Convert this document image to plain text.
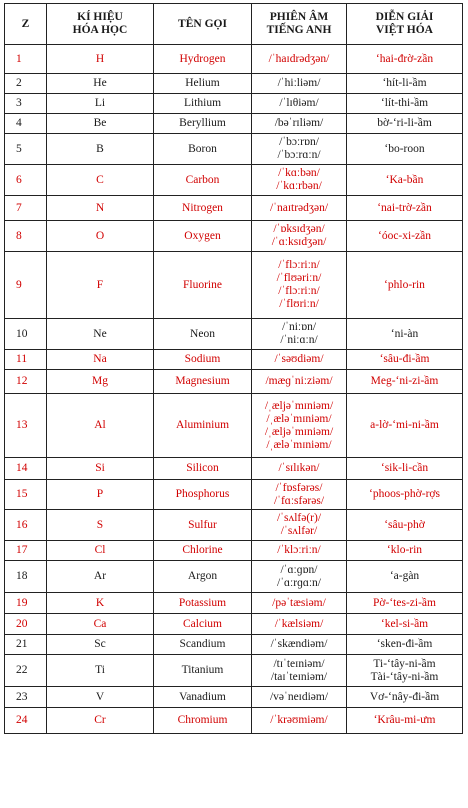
Z	KÍ HIỆU
HÓA HỌC	TÊN GỌI	PHIÊN ÂM
TIẾNG ANH	DIỄN GIẢI
VIỆT HÓA
1	H	Hydrogen	/ˈhaɪdrədʒən/	‘hai-đrờ-zần

2	He	Helium	/ˈhiːliəm/	‘hít-li-ầm

3	Li	Lithium	/ˈlɪθiəm/	‘lít-thi-ầm

4	Be	Beryllium	/bəˈrɪliəm/	bờ-‘ri-li-ầm

5	B	Boron	/ˈbɔːrɒn/
/ˈbɔːrɑːn/	‘bo-roon

6	C	Carbon	/ˈkɑːbən/
/ˈkɑːrbən/	‘Ka-bần

7	N	Nitrogen	/ˈnaɪtrədʒən/	‘nai-trờ-zần

8	O	Oxygen	/ˈɒksɪdʒən/
/ˈɑːksɪdʒən/	‘óoc-xi-zần

9	F	Fluorine	/ˈflɔːriːn/
/ˈflʊəriːn/
/ˈflɔːriːn/
/ˈflʊriːn/	‘phlo-rin

10	Ne	Neon	/ˈniːɒn/
/ˈniːɑːn/	‘ni-àn

11	Na	Sodium	/ˈsəʊdiəm/	‘sâu-đi-ầm

12	Mg	Magnesium	/mæɡˈniːziəm/	Meg-‘ni-zi-ầm

13	Al	Aluminium	/ˌæljəˈmɪniəm/
/ˌæləˈmɪniəm/
/ˌæljəˈmɪniəm/
/ˌæləˈmɪniəm/	a-lờ-‘mi-ni-ầm

14	Si	Silicon	/ˈsɪlɪkən/	‘sik-li-cần

15	P	Phosphorus	/ˈfɒsfərəs/
/ˈfɑːsfərəs/	‘phoos-phờ-rợs

16	S	Sulfur	/ˈsʌlfə(r)/
/ˈsʌlfər/	‘sâu-phờ

17	Cl	Chlorine	/ˈklɔːriːn/	‘klo-rin

18	Ar	Argon	/ˈɑːɡɒn/
/ˈɑːrɡɑːn/	‘a-gàn

19	K	Potassium	/pəˈtæsiəm/	Pờ-‘tes-zi-ầm

20	Ca	Calcium	/ˈkælsiəm/	‘kel-si-ầm

21	Sc	Scandium	/ˈskændiəm/	‘sken-đi-ầm

22	Ti	Titanium	/tɪˈteɪniəm/
/taɪˈteɪniəm/	Ti-‘tây-ni-ầm
Tài-‘tây-ni-ầm

23	V	Vanadium	/vəˈneɪdiəm/	Vơ-‘nây-đi-ầm

24	Cr	Chromium	/ˈkrəʊmiəm/	‘Krâu-mi-ưm
